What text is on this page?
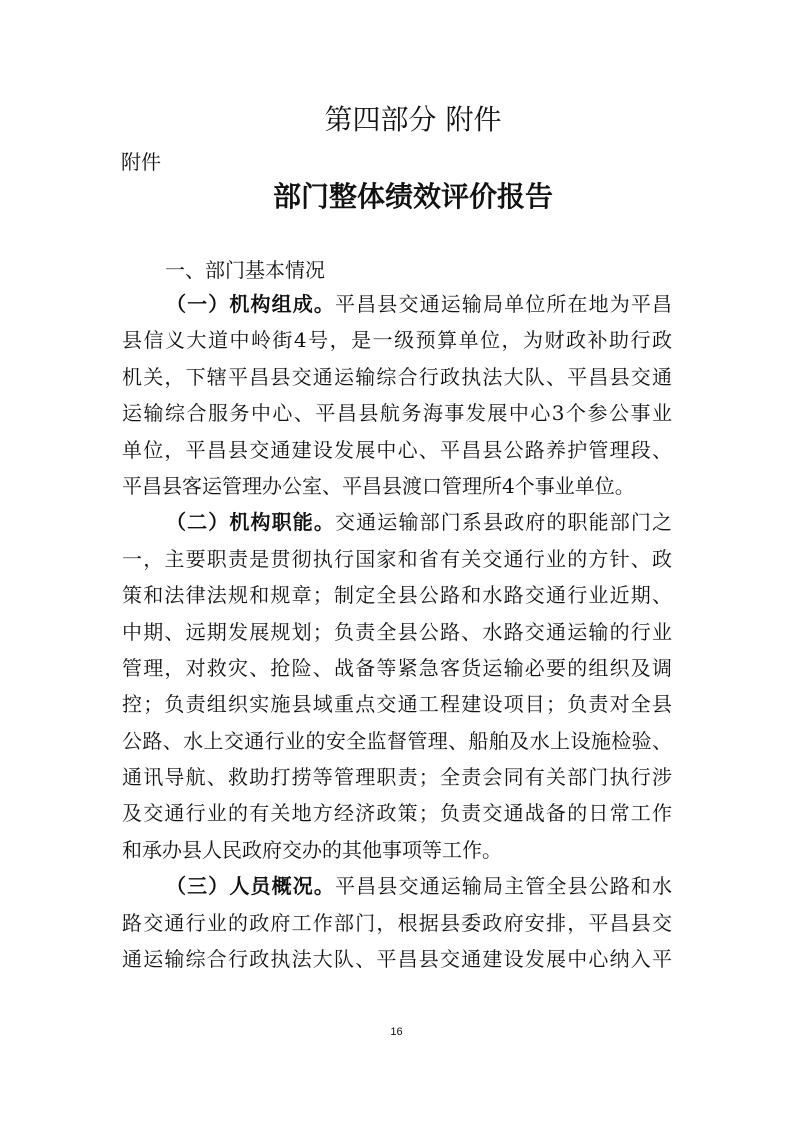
第四部分 附件
附件
部门整体绩效评价报告
一、部门基本情况
（一）机构组成。平昌县交通运输局单位所在地为平昌
县信义大道中岭街4号，是一级预算单位，为财政补助行政
机关，下辖平昌县交通运输综合行政执法大队、平昌县交通
运输综合服务中心、平昌县航务海事发展中心3个参公事业
单位，平昌县交通建设发展中心、平昌县公路养护管理段、
平昌县客运管理办公室、平昌县渡口管理所4个事业单位。
（二）机构职能。交通运输部门系县政府的职能部门之
一，主要职责是贯彻执行国家和省有关交通行业的方针、政
策和法律法规和规章；制定全县公路和水路交通行业近期、
中期、远期发展规划；负责全县公路、水路交通运输的行业
管理，对救灾、抢险、战备等紧急客货运输必要的组织及调
控；负责组织实施县域重点交通工程建设项目；负责对全县
公路、水上交通行业的安全监督管理、船舶及水上设施检验、
通讯导航、救助打捞等管理职责；全责会同有关部门执行涉
及交通行业的有关地方经济政策；负责交通战备的日常工作
和承办县人民政府交办的其他事项等工作。
（三）人员概况。平昌县交通运输局主管全县公路和水
路交通行业的政府工作部门，根据县委政府安排，平昌县交
通运输综合行政执法大队、平昌县交通建设发展中心纳入平
16
